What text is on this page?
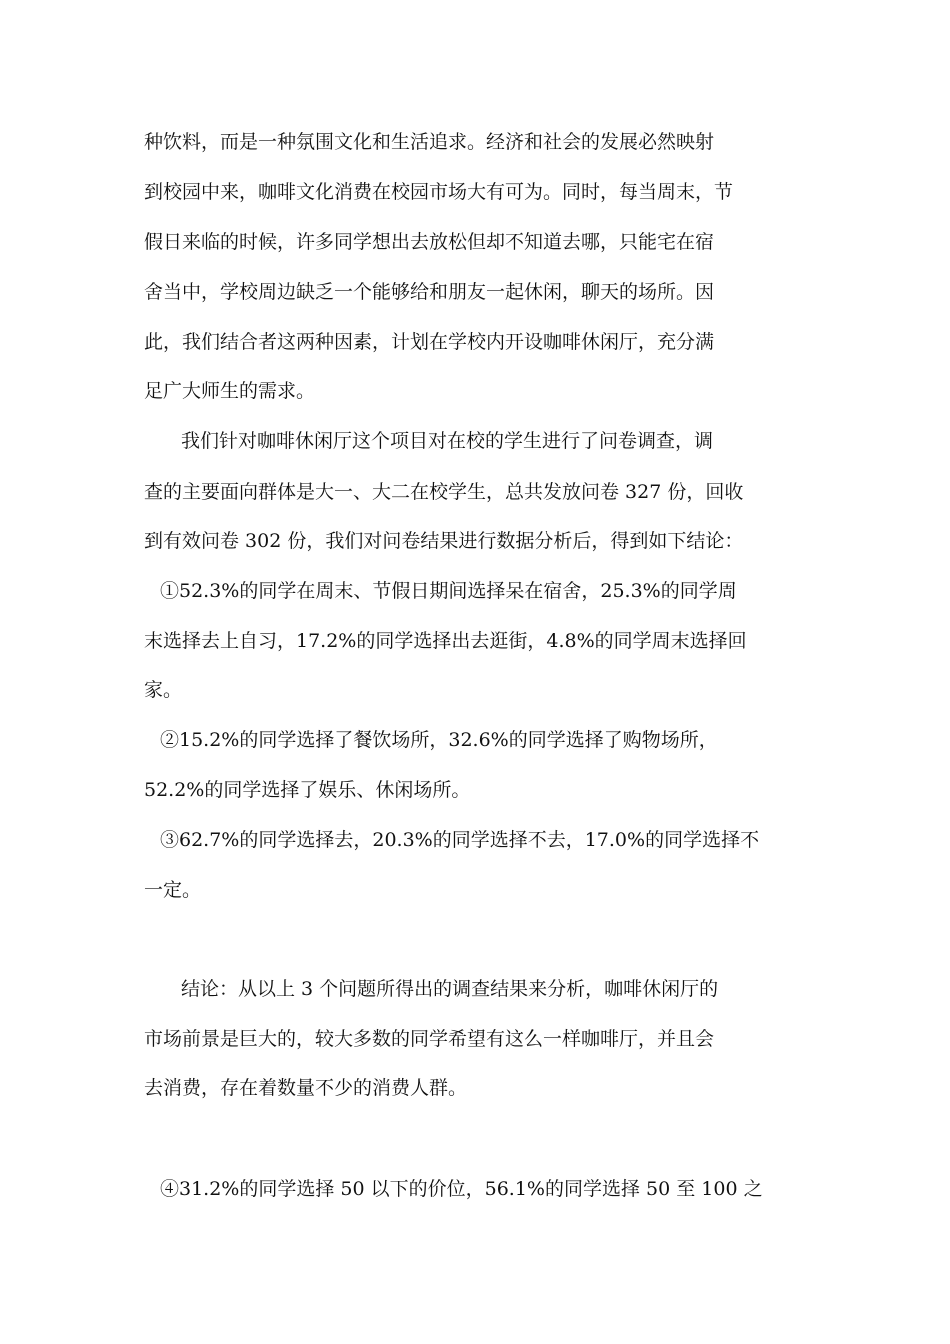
种饮料，而是一种氛围文化和生活追求。经济和社会的发展必然映射
到校园中来，咖啡文化消费在校园市场大有可为。同时，每当周末，节
假日来临的时候，许多同学想出去放松但却不知道去哪，只能宅在宿
舍当中，学校周边缺乏一个能够给和朋友一起休闲，聊天的场所。因
此，我们结合者这两种因素，计划在学校内开设咖啡休闲厅，充分满
足广大师生的需求。
我们针对咖啡休闲厅这个项目对在校的学生进行了问卷调查，调
查的主要面向群体是大一、大二在校学生，总共发放问卷 327 份，回收
到有效问卷 302 份，我们对问卷结果进行数据分析后，得到如下结论：
①52.3%的同学在周末、节假日期间选择呆在宿舍，25.3%的同学周
末选择去上自习，17.2%的同学选择出去逛街，4.8%的同学周末选择回
家。
②15.2%的同学选择了餐饮场所，32.6%的同学选择了购物场所，
52.2%的同学选择了娱乐、休闲场所。
③62.7%的同学选择去，20.3%的同学选择不去，17.0%的同学选择不
一定。
结论：从以上 3 个问题所得出的调查结果来分析，咖啡休闲厅的
市场前景是巨大的，较大多数的同学希望有这么一样咖啡厅，并且会
去消费，存在着数量不少的消费人群。
④31.2%的同学选择 50 以下的价位，56.1%的同学选择 50 至 100 之
